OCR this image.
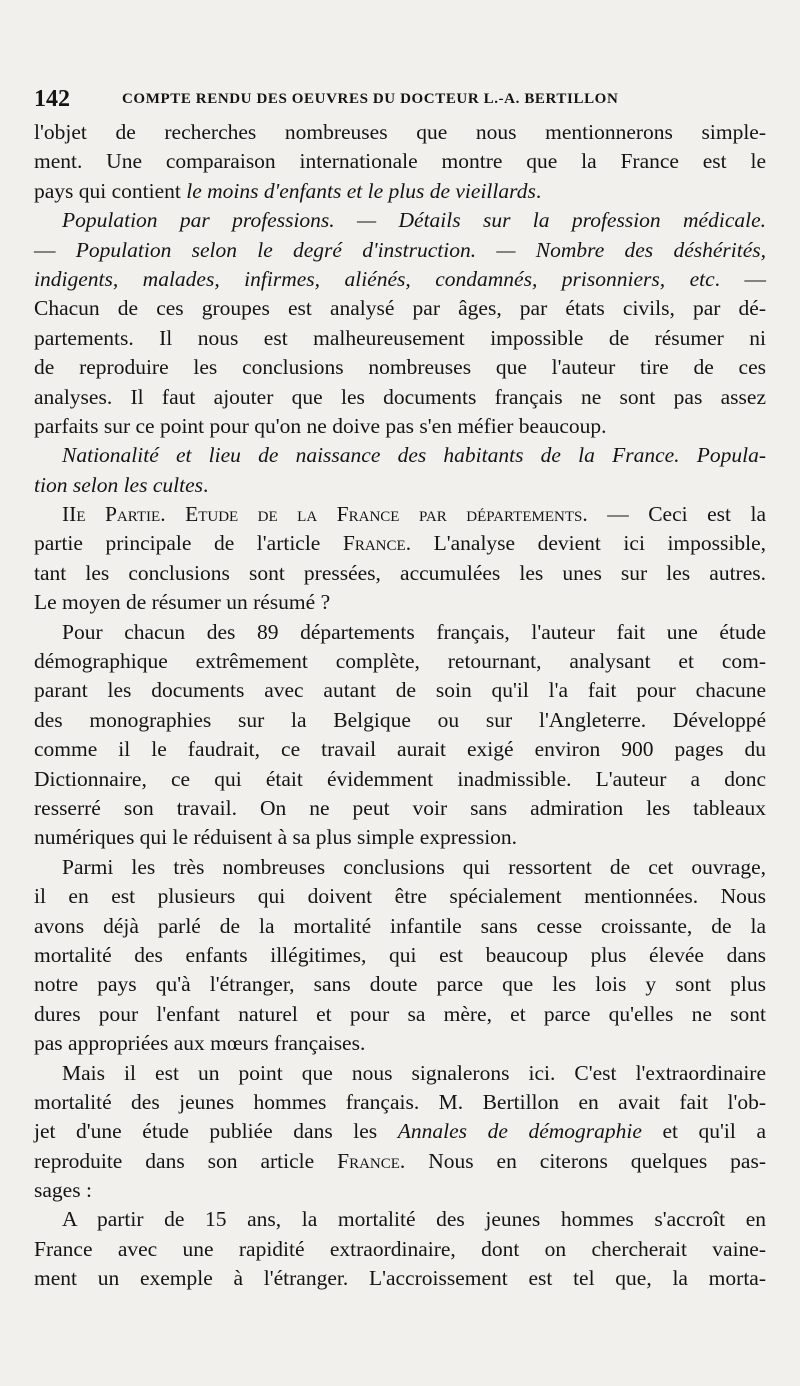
142	COMPTE RENDU DES OEUVRES DU DOCTEUR L.-A. BERTILLON
l'objet de recherches nombreuses que nous mentionnerons simple-
ment. Une comparaison internationale montre que la France est le
pays qui contient le moins d'enfants et le plus de vieillards.
Population par professions. — Détails sur la profession médicale.
— Population selon le degré d'instruction. — Nombre des déshérités,
indigents, malades, infirmes, aliénés, condamnés, prisonniers, etc. —
Chacun de ces groupes est analysé par âges, par états civils, par dé-
partements. Il nous est malheureusement impossible de résumer ni
de reproduire les conclusions nombreuses que l'auteur tire de ces
analyses. Il faut ajouter que les documents français ne sont pas assez
parfaits sur ce point pour qu'on ne doive pas s'en méfier beaucoup.
Nationalité et lieu de naissance des habitants de la France. Popula-
tion selon les cultes.
IIe Partie. Etude de la France par départements. — Ceci est la
partie principale de l'article France. L'analyse devient ici impossible,
tant les conclusions sont pressées, accumulées les unes sur les autres.
Le moyen de résumer un résumé ?
Pour chacun des 89 départements français, l'auteur fait une étude
démographique extrêmement complète, retournant, analysant et com-
parant les documents avec autant de soin qu'il l'a fait pour chacune
des monographies sur la Belgique ou sur l'Angleterre. Développé
comme il le faudrait, ce travail aurait exigé environ 900 pages du
Dictionnaire, ce qui était évidemment inadmissible. L'auteur a donc
resserré son travail. On ne peut voir sans admiration les tableaux
numériques qui le réduisent à sa plus simple expression.
Parmi les très nombreuses conclusions qui ressortent de cet ouvrage,
il en est plusieurs qui doivent être spécialement mentionnées. Nous
avons déjà parlé de la mortalité infantile sans cesse croissante, de la
mortalité des enfants illégitimes, qui est beaucoup plus élevée dans
notre pays qu'à l'étranger, sans doute parce que les lois y sont plus
dures pour l'enfant naturel et pour sa mère, et parce qu'elles ne sont
pas appropriées aux mœurs françaises.
Mais il est un point que nous signalerons ici. C'est l'extraordinaire
mortalité des jeunes hommes français. M. Bertillon en avait fait l'ob-
jet d'une étude publiée dans les Annales de démographie et qu'il a
reproduite dans son article France. Nous en citerons quelques pas-
sages :
A partir de 15 ans, la mortalité des jeunes hommes s'accroît en
France avec une rapidité extraordinaire, dont on chercherait vaine-
ment un exemple à l'étranger. L'accroissement est tel que, la morta-
